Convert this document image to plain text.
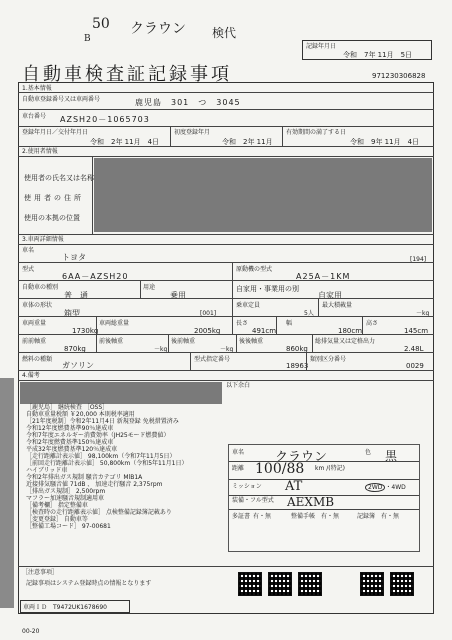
50
B
クラウン 検代
記録年月日
令和　7年 11月　5日
自動車検査証記録事項	971230306828
1.基本情報
自動車登録番号又は車両番号	鹿児島　301　つ　3045
車台番号 AZSH20－1065703
登録年月日／交付年月日
令和　2年 11月　4日
初度登録年月
令和　2年 11月
有効期間の満了する日
令和　9年 11月　4日
2.使用者情報
使用者の氏名又は名称
使用者の住所
使用の本拠の位置
3.車両詳細情報
車名
トヨタ	[194]
型式
6AA－AZSH20
原動機の型式
A25A－1KM
自動車の種別
普　通
用途
乗用
自家用・事業用の別
自家用
車体の形状
箱型	[001]
乗車定員
5人
最大積載量
－kg
車両重量
1730kg
車両総重量
2005kg
長さ
491cm
幅
180cm
高さ
145cm
前前軸重
870kg
前後軸重
－kg
後前軸重
－kg
後後軸重
860kg
総排気量又は定格出力
2.48L
燃料の種類
ガソリン
型式指定番号
18963
類別区分番号
0029
4.備考
以下余白
［鹿児島］ 継続検査 ［OSS］
自動車重量税額 ￥20,000 本則税率適用
［21年度税制］令和2年11月4日 新規登録 免税措置済み
令和12年度燃費基準90％達成車
令和7年度エネルギー消費効率（JH25モード燃費値）
令和2年度燃費基準150％達成車
平成32年度燃費基準120％達成車
［走行距離計表示値］ 98,100km（令和7年11月5日）
［前回走行距離計表示値］ 50,800km（令和5年11月1日）
ハイブリッド車
令和2年排出ガス規制 騒音カテゴリ MlB1A
近接排気騒音値 71dB 、 加速走行騒音 2,375rpm
［排出ガス規制］ 2,500rpm
マフラー加速騒音規制適用車
［備考欄］ 指定整備車
［検査時の走行距離表示値］ 点検整備記録簿記載あり
［変更登録］ 自動車等
［整備工場コード］ 97-00681
車名 クラウン	色 黒
距離 100/88 km /(特記)
ミッション AT	2WD ・4WD
装備・フル型式 AEXMB
多証書 有・無	整備手帳 有・無	記録簿 有・無
［注意事項］
記録事項はシステム登録時点の情報となります
車両ＩＤ T9472UK1678690
00-20
